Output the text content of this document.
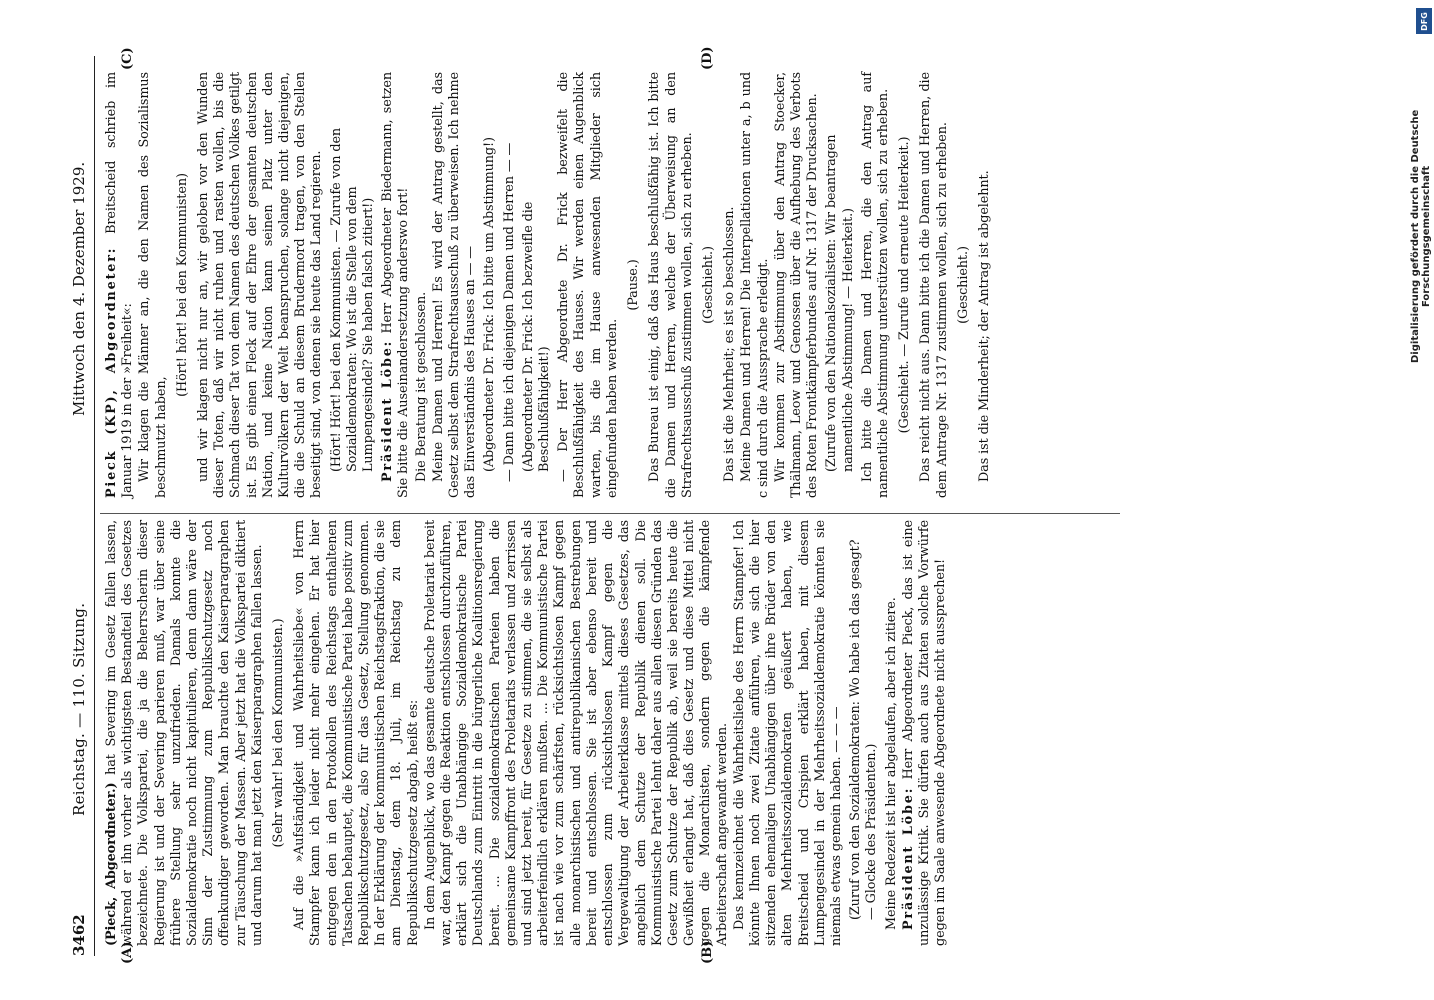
3462
Reichstag. — 110. Sitzung.
Mittwoch den 4. Dezember 1929.
(A)	(B)
(C)	(D)

(Pieck, Abgeordneter.) hat Severing im Gesetz fallen lassen, während er ihn vorher als wichtigsten Bestandteil des Gesetzes bezeichnete. Die Volkspartei, die ja die Beherrscherin dieser Regierung ist und der Severing parieren muß, war über seine frühere Stellung sehr unzufrieden. Damals konnte die Sozialdemokratie noch nicht kapitulieren, denn dann wäre der Sinn der Zustimmung zum Republikschutzgesetz noch offenkundiger geworden. Man brauchte den Kaiserparagraphen zur Täuschung der Massen. Aber jetzt hat die Volkspartei diktiert und darum hat man jetzt den Kaiserparagraphen fallen lassen. (Sehr wahr! bei den Kommunisten.) Auf die »Aufständigkeit und Wahrheitsliebe« von Herrn Stampfer kann ich leider nicht mehr eingehen. Er hat hier entgegen den in den Protokollen des Reichstags enthaltenen Tatsachen behauptet, die Kommunistische Partei habe positiv zum Republikschutzgesetz, also für das Gesetz, Stellung genommen. In der Erklärung der kommunistischen Reichstagsfraktion, die sie am Dienstag, dem 18. Juli, im Reichstag zu dem Republikschutzgesetz abgab, heißt es: In dem Augenblick, wo das gesamte deutsche Proletariat bereit war, den Kampf gegen die Reaktion entschlossen durchzuführen, erklärt sich die Unabhängige Sozialdemokratische Partei Deutschlands zum Eintritt in die bürgerliche Koalitionsregierung bereit. ... Die sozialdemokratischen Parteien haben die gemeinsame Kampffront des Proletariats verlassen und zerrissen und sind jetzt bereit, für Gesetze zu stimmen, die sie selbst als arbeiterfeindlich erklären mußten. ... Die Kommunistische Partei ist nach wie vor zum schärfsten, rücksichtslosen Kampf gegen alle monarchistischen und antirepublikanischen Bestrebungen bereit und entschlossen. Sie ist aber ebenso bereit und entschlossen zum rücksichtslosen Kampf gegen die Vergewaltigung der Arbeiterklasse mittels dieses Gesetzes, das angeblich dem Schutze der Republik dienen soll. Die Kommunistische Partei lehnt daher aus allen diesen Gründen das Gesetz zum Schutze der Republik ab, weil sie bereits heute die Gewißheit erlangt hat, daß dies Gesetz und diese Mittel nicht gegen die Monarchisten, sondern gegen die kämpfende Arbeiterschaft angewandt werden. Das kennzeichnet die Wahrheitsliebe des Herrn Stampfer! Ich könnte Ihnen noch zwei Zitate anführen, wie sich die hier sitzenden ehemaligen Unabhängigen über ihre Brüder von den alten Mehrheitssozialdemokraten geäußert haben, wie Breitscheid und Crispien erklärt haben, mit diesem Lumpengesindel in der Mehrheitssozialdemokratie könnten sie niemals etwas gemein haben. — — — (Zuruf von den Sozialdemokraten: Wo habe ich das gesagt? — Glocke des Präsidenten.) Meine Redezeit ist hier abgelaufen, aber ich zitiere. Präsident Löbe: Herr Abgeordneter Pieck, das ist eine unzulässige Kritik. Sie dürfen auch aus Zitaten solche Vorwürfe gegen im Saale anwesende Abgeordnete nicht aussprechen!

Pieck (KP), Abgeordneter: Breitscheid schrieb im Januar 1919 in der »Freiheit«: Wir klagen die Männer an, die den Namen des Sozialismus beschmutzt haben,

(Hört! hört! bei den Kommunisten) und wir klagen nicht nur an, wir geloben vor den Wunden dieser Toten, daß wir nicht ruhen und rasten wollen, bis die Schmach dieser Tat von dem Namen des deutschen Volkes getilgt ist. Es gibt einen Fleck auf der Ehre der gesamten deutschen Nation, und keine Nation kann seinen Platz unter den Kulturvölkern der Welt beanspruchen, solange nicht diejenigen, die die Schuld an diesem Brudermord tragen, von den Stellen beseitigt sind, von denen sie heute das Land regieren. (Hört! Hört! bei den Kommunisten. — Zurufe von den Sozialdemokraten: Wo ist die Stelle von dem Lumpengesindel? Sie haben falsch zitiert!) Präsident Löbe: Herr Abgeordneter Biedermann, setzen Sie bitte die Auseinandersetzung anderswo fort! Die Beratung ist geschlossen. Meine Damen und Herren! Es wird der Antrag gestellt, das Gesetz selbst dem Strafrechtsausschuß zu überweisen. Ich nehme das Einverständnis des Hauses an — — (Abgeordneter Dr. Frick: Ich bitte um Abstimmung!) — Dann bitte ich diejenigen Damen und Herren — — (Abgeordneter Dr. Frick: Ich bezweifle die Beschlußfähigkeit!) — Der Herr Abgeordnete Dr. Frick bezweifelt die Beschlußfähigkeit des Hauses. Wir werden einen Augenblick warten, bis die im Hause anwesenden Mitglieder sich eingefunden haben werden.

(Pause.) Das Bureau ist einig, daß das Haus beschlußfähig ist. Ich bitte die Damen und Herren, welche der Überweisung an den Strafrechtsausschuß zustimmen wollen, sich zu erheben. (Geschieht.) Das ist die Mehrheit; es ist so beschlossen. Meine Damen und Herren! Die Interpellationen unter a, b und c sind durch die Aussprache erledigt. Wir kommen zur Abstimmung über den Antrag Stoecker, Thälmann, Leow und Genossen über die Aufhebung des Verbots des Roten Frontkämpferbundes auf Nr. 1317 der Drucksachen. (Zurufe von den Nationalsozialisten: Wir beantragen namentliche Abstimmung! — Heiterkeit.) Ich bitte die Damen und Herren, die den Antrag auf namentliche Abstimmung unterstützen wollen, sich zu erheben. (Geschieht. — Zurufe und erneute Heiterkeit.) Das reicht nicht aus. Dann bitte ich die Damen und Herren, die dem Antrage Nr. 1317 zustimmen wollen, sich zu erheben. (Geschieht.) Das ist die Minderheit; der Antrag ist abgelehnt.

DFG
Digitalisierung gefördert durch die Deutsche Forschungsgemeinschaft
